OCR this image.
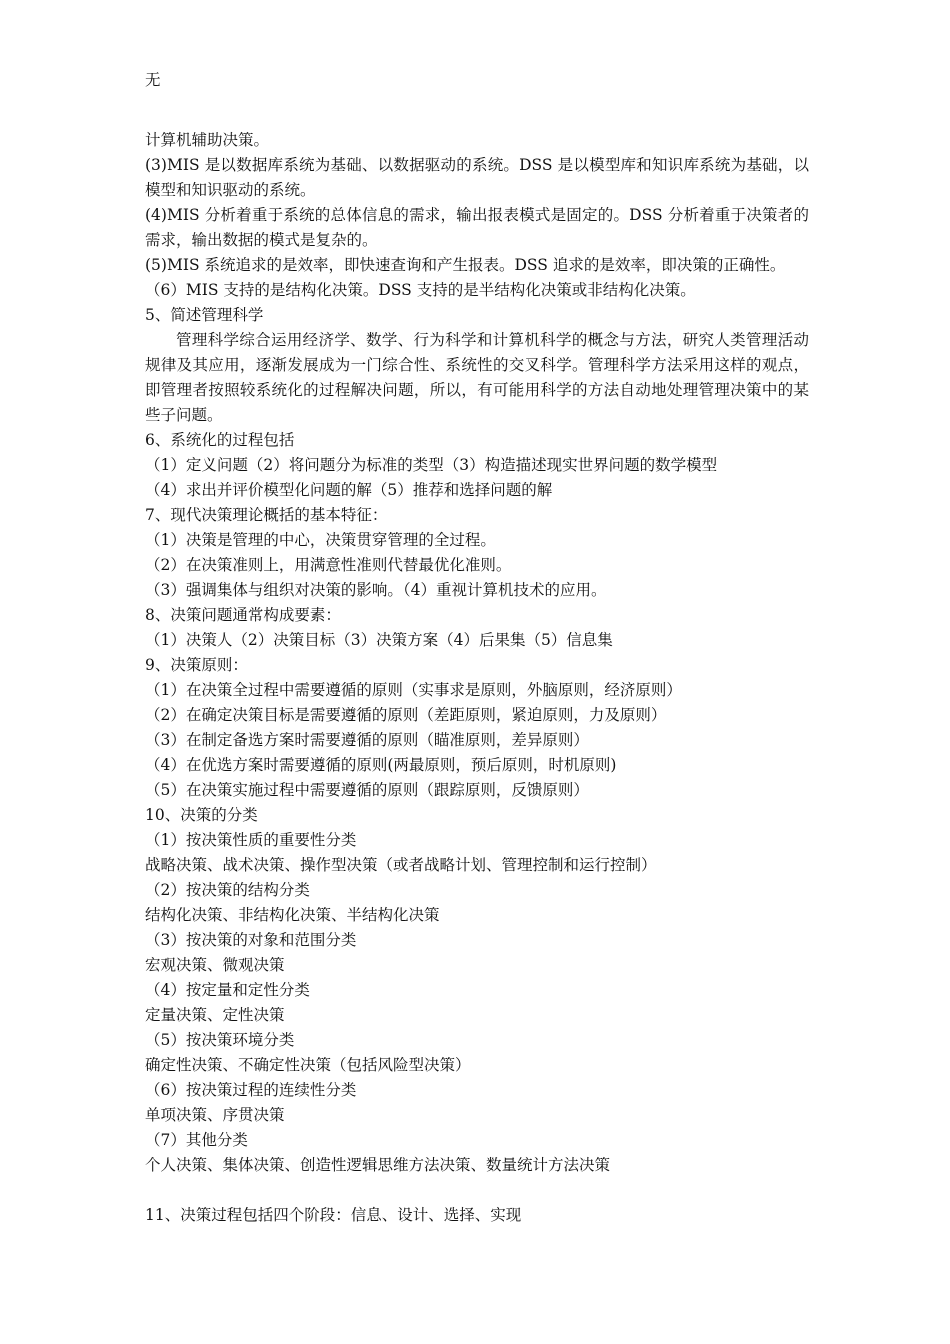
无
计算机辅助决策。
(3)MIS 是以数据库系统为基础、以数据驱动的系统。DSS 是以模型库和知识库系统为基础，以模型和知识驱动的系统。
(4)MIS 分析着重于系统的总体信息的需求，输出报表模式是固定的。DSS 分析着重于决策者的需求，输出数据的模式是复杂的。
(5)MIS 系统追求的是效率，即快速查询和产生报表。DSS 追求的是效率，即决策的正确性。
（6）MIS 支持的是结构化决策。DSS 支持的是半结构化决策或非结构化决策。
5、简述管理科学
管理科学综合运用经济学、数学、行为科学和计算机科学的概念与方法，研究人类管理活动规律及其应用，逐渐发展成为一门综合性、系统性的交叉科学。管理科学方法采用这样的观点，即管理者按照较系统化的过程解决问题，所以，有可能用科学的方法自动地处理管理决策中的某些子问题。
6、系统化的过程包括
（1）定义问题（2）将问题分为标准的类型（3）构造描述现实世界问题的数学模型
（4）求出并评价模型化问题的解（5）推荐和选择问题的解
7、现代决策理论概括的基本特征：
（1）决策是管理的中心，决策贯穿管理的全过程。
（2）在决策准则上，用满意性准则代替最优化准则。
（3）强调集体与组织对决策的影响。（4）重视计算机技术的应用。
8、决策问题通常构成要素：
（1）决策人（2）决策目标（3）决策方案（4）后果集（5）信息集
9、决策原则：
（1）在决策全过程中需要遵循的原则（实事求是原则，外脑原则，经济原则）
（2）在确定决策目标是需要遵循的原则（差距原则，紧迫原则，力及原则）
（3）在制定备选方案时需要遵循的原则（瞄准原则，差异原则）
（4）在优选方案时需要遵循的原则(两最原则，预后原则，时机原则)
（5）在决策实施过程中需要遵循的原则（跟踪原则，反馈原则）
10、决策的分类
（1）按决策性质的重要性分类
战略决策、战术决策、操作型决策（或者战略计划、管理控制和运行控制）
（2）按决策的结构分类
结构化决策、非结构化决策、半结构化决策
（3）按决策的对象和范围分类
宏观决策、微观决策
（4）按定量和定性分类
定量决策、定性决策
（5）按决策环境分类
确定性决策、不确定性决策（包括风险型决策）
（6）按决策过程的连续性分类
单项决策、序贯决策
（7）其他分类
个人决策、集体决策、创造性逻辑思维方法决策、数量统计方法决策
11、决策过程包括四个阶段：信息、设计、选择、实现
